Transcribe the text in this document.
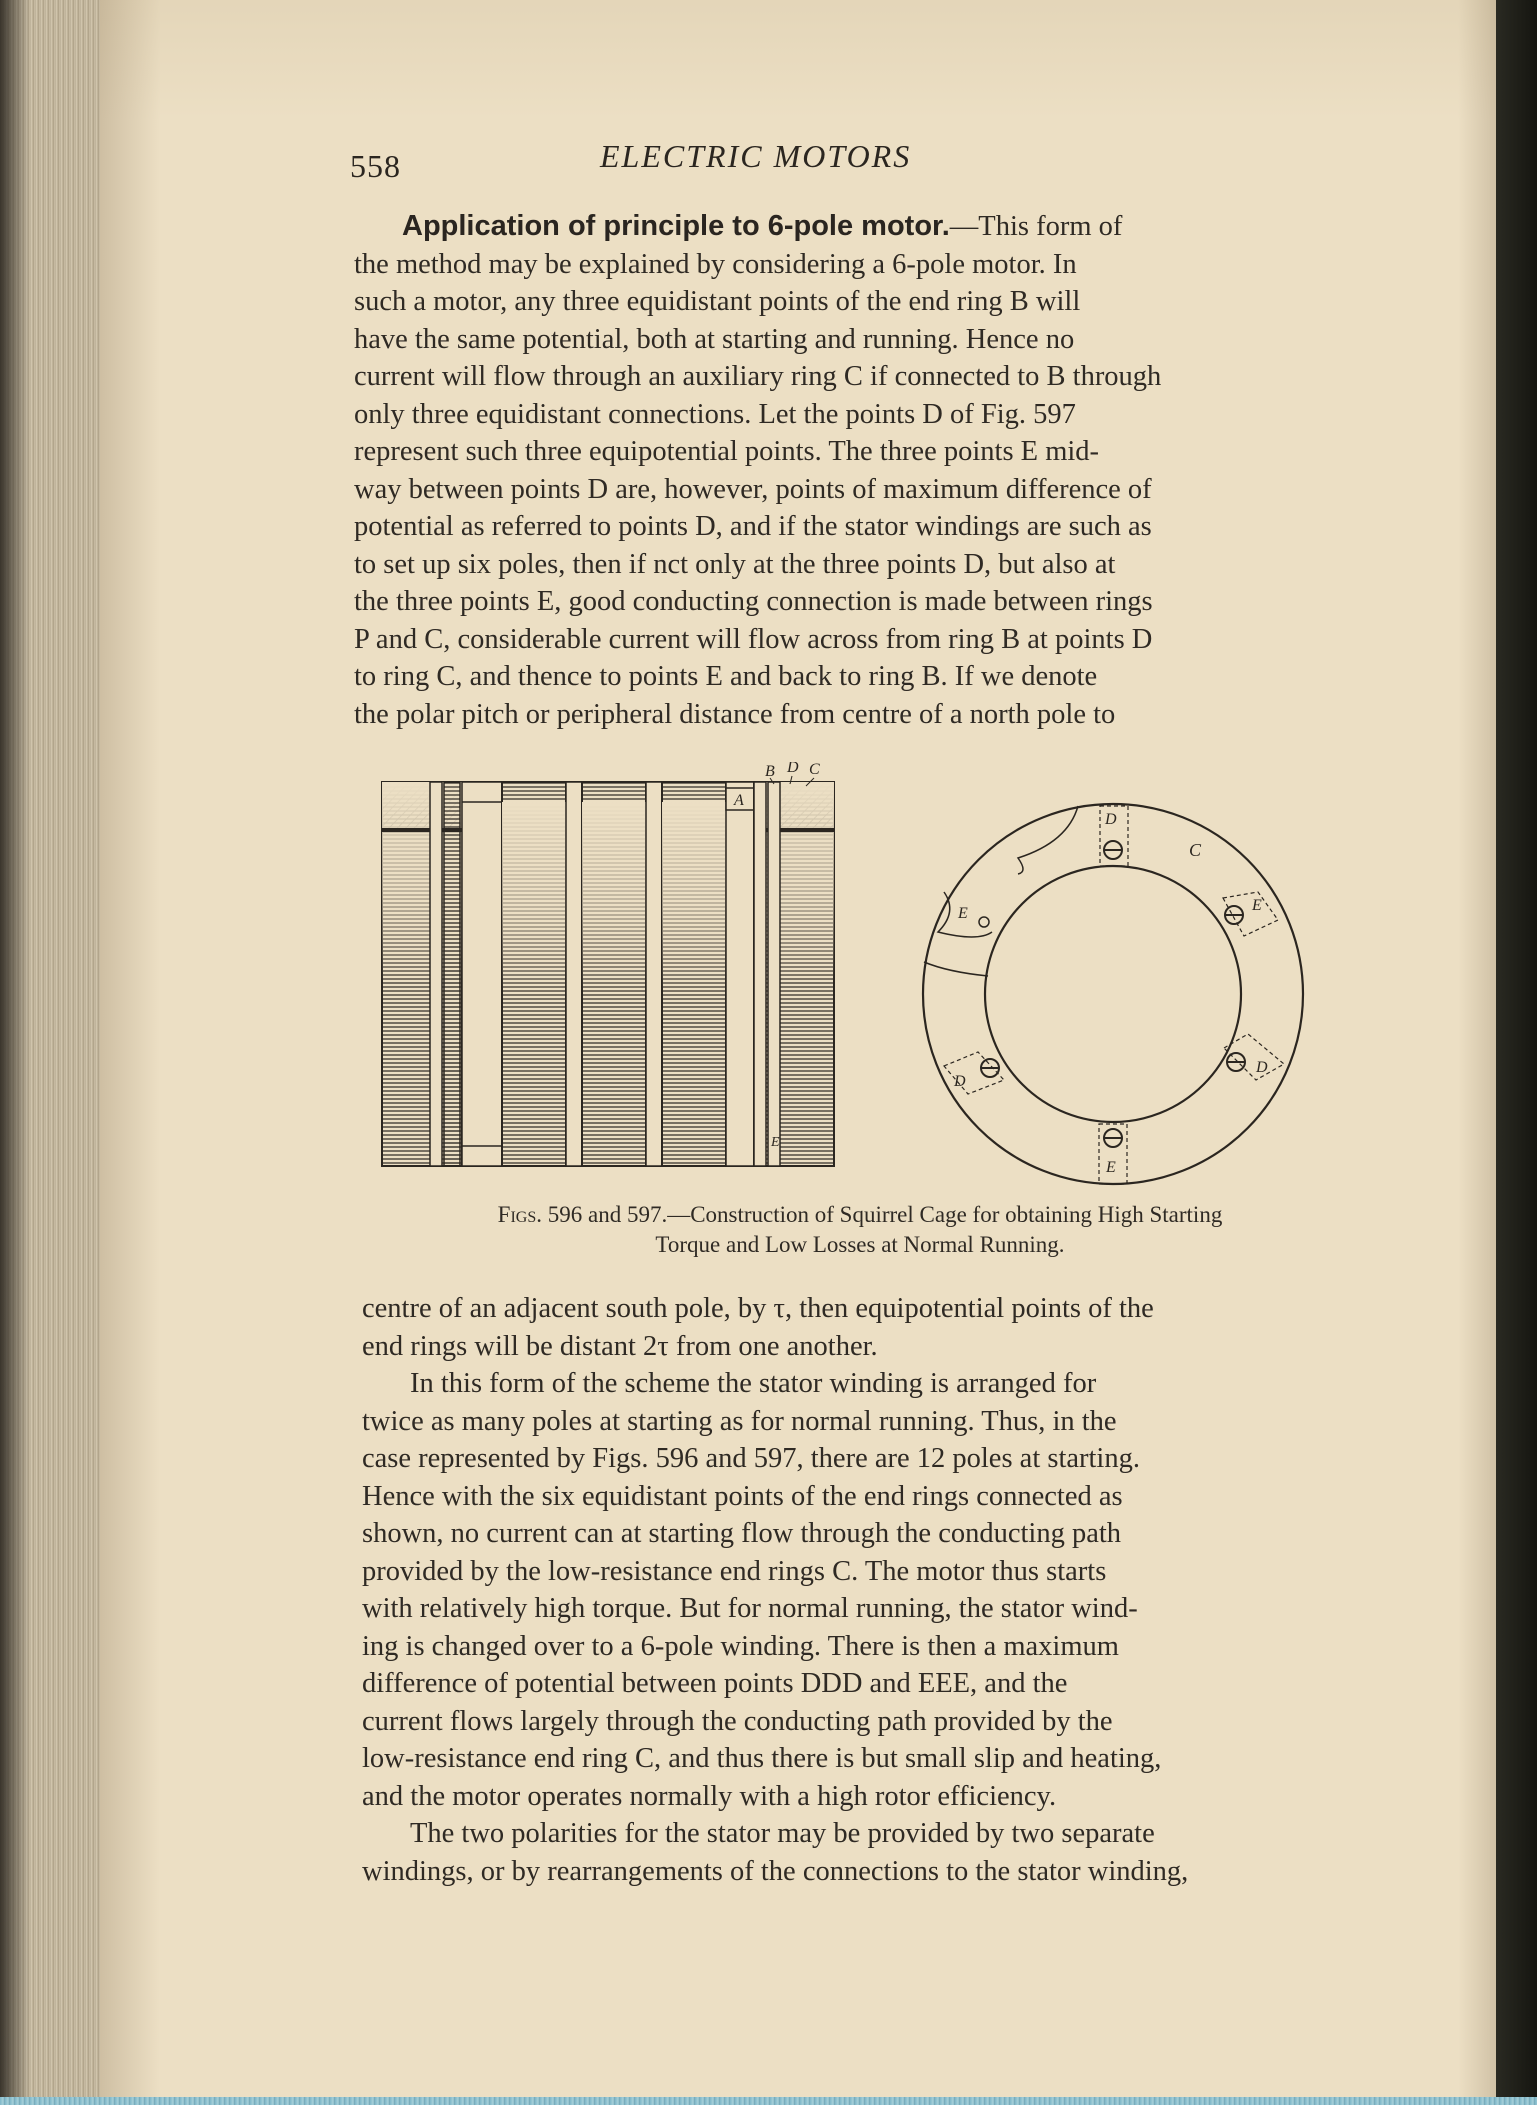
558	ELECTRIC MOTORS

Application of principle to 6-pole motor.—This form of

the method may be explained by considering a 6-pole motor. In

such a motor, any three equidistant points of the end ring B will

have the same potential, both at starting and running. Hence no

current will flow through an auxiliary ring C if connected to B through

only three equidistant connections. Let the points D of Fig. 597

represent such three equipotential points. The three points E mid-

way between points D are, however, points of maximum difference of

potential as referred to points D, and if the stator windings are such as

to set up six poles, then if nct only at the three points D, but also at

the three points E, good conducting connection is made between rings

P and C, considerable current will flow across from ring B at points D

to ring C, and thence to points E and back to ring B. If we denote

the polar pitch or peripheral distance from centre of a north pole to

B D C
A
E
D
C
E
E
D
D
E
Figs. 596 and 597.—Construction of Squirrel Cage for obtaining High Starting
Torque and Low Losses at Normal Running.

centre of an adjacent south pole, by τ, then equipotential points of the

end rings will be distant 2τ from one another.

In this form of the scheme the stator winding is arranged for

twice as many poles at starting as for normal running. Thus, in the

case represented by Figs. 596 and 597, there are 12 poles at starting.

Hence with the six equidistant points of the end rings connected as

shown, no current can at starting flow through the conducting path

provided by the low-resistance end rings C. The motor thus starts

with relatively high torque. But for normal running, the stator wind-

ing is changed over to a 6-pole winding. There is then a maximum

difference of potential between points DDD and EEE, and the

current flows largely through the conducting path provided by the

low-resistance end ring C, and thus there is but small slip and heating,

and the motor operates normally with a high rotor efficiency.

The two polarities for the stator may be provided by two separate

windings, or by rearrangements of the connections to the stator winding,
